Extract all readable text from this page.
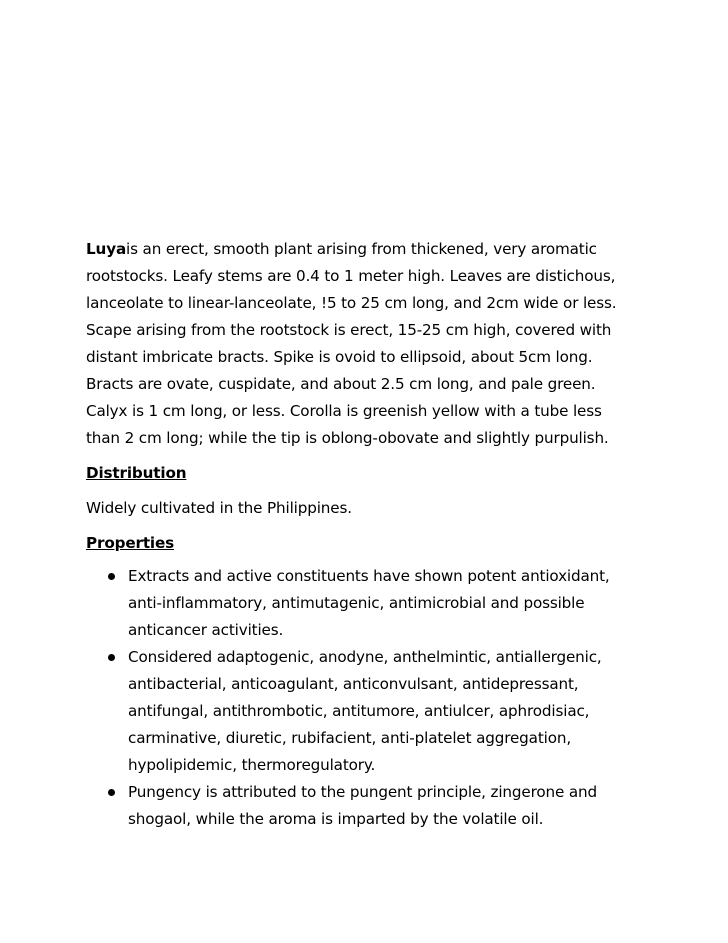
Luyais an erect, smooth plant arising from thickened, very aromatic
rootstocks. Leafy stems are 0.4 to 1 meter high. Leaves are distichous,
lanceolate to linear-lanceolate, !5 to 25 cm long, and 2cm wide or less.
Scape arising from the rootstock is erect, 15-25 cm high, covered with
distant imbricate bracts. Spike is ovoid to ellipsoid, about 5cm long.
Bracts are ovate, cuspidate, and about 2.5 cm long, and pale green.
Calyx is 1 cm long, or less. Corolla is greenish yellow with a tube less
than 2 cm long; while the tip is oblong-obovate and slightly purpulish.

Distribution

Widely cultivated in the Philippines.

Properties

Extracts and active constituents have shown potent antioxidant,
anti-inflammatory, antimutagenic, antimicrobial and possible
anticancer activities.
Considered adaptogenic, anodyne, anthelmintic, antiallergenic,
antibacterial, anticoagulant, anticonvulsant, antidepressant,
antifungal, antithrombotic, antitumore, antiulcer, aphrodisiac,
carminative, diuretic, rubifacient, anti-platelet aggregation,
hypolipidemic, thermoregulatory.
Pungency is attributed to the pungent principle, zingerone and
shogaol, while the aroma is imparted by the volatile oil.
